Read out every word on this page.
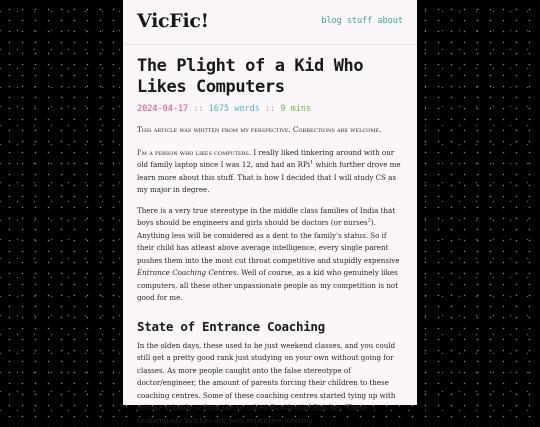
VicFic!	blog stuff about
The Plight of a Kid Who Likes Computers
2024-04-17 :: 1675 words :: 9 mins

This article was written from my perspective. Corrections are welcome.

I'm a person who likes computers. I really liked tinkering around with our old family laptop since I was 12, and had an RPi$^1$ which further drove me learn more about this stuff. That is how I decided that I will study CS as my major in degree.

There is a very true stereotype in the middle class families of India that boys should be engineers and girls should be doctors (or nurses$^2$). Anything less will be considered as a dent to the family's status. So if their child has atleast above average intelligence, every single parent pushes them into the most cut throat competitive and stupidly expensive Entrance Coaching Centres. Well of course, as a kid who genuinely likes computers, all these other unpassionate people as my competition is not good for me.

State of Entrance Coaching

In the olden days, these used to be just weekend classes, and you could still get a pretty good rank just studying on your own without going for classes. As more people caught onto the false stereotype of doctor/engineer, the amount of parents forcing their children to these coaching centres. Some of these coaching centres started tying up with private schools to form the so called Residential Batches. These residentially batches are very expensive (costing
